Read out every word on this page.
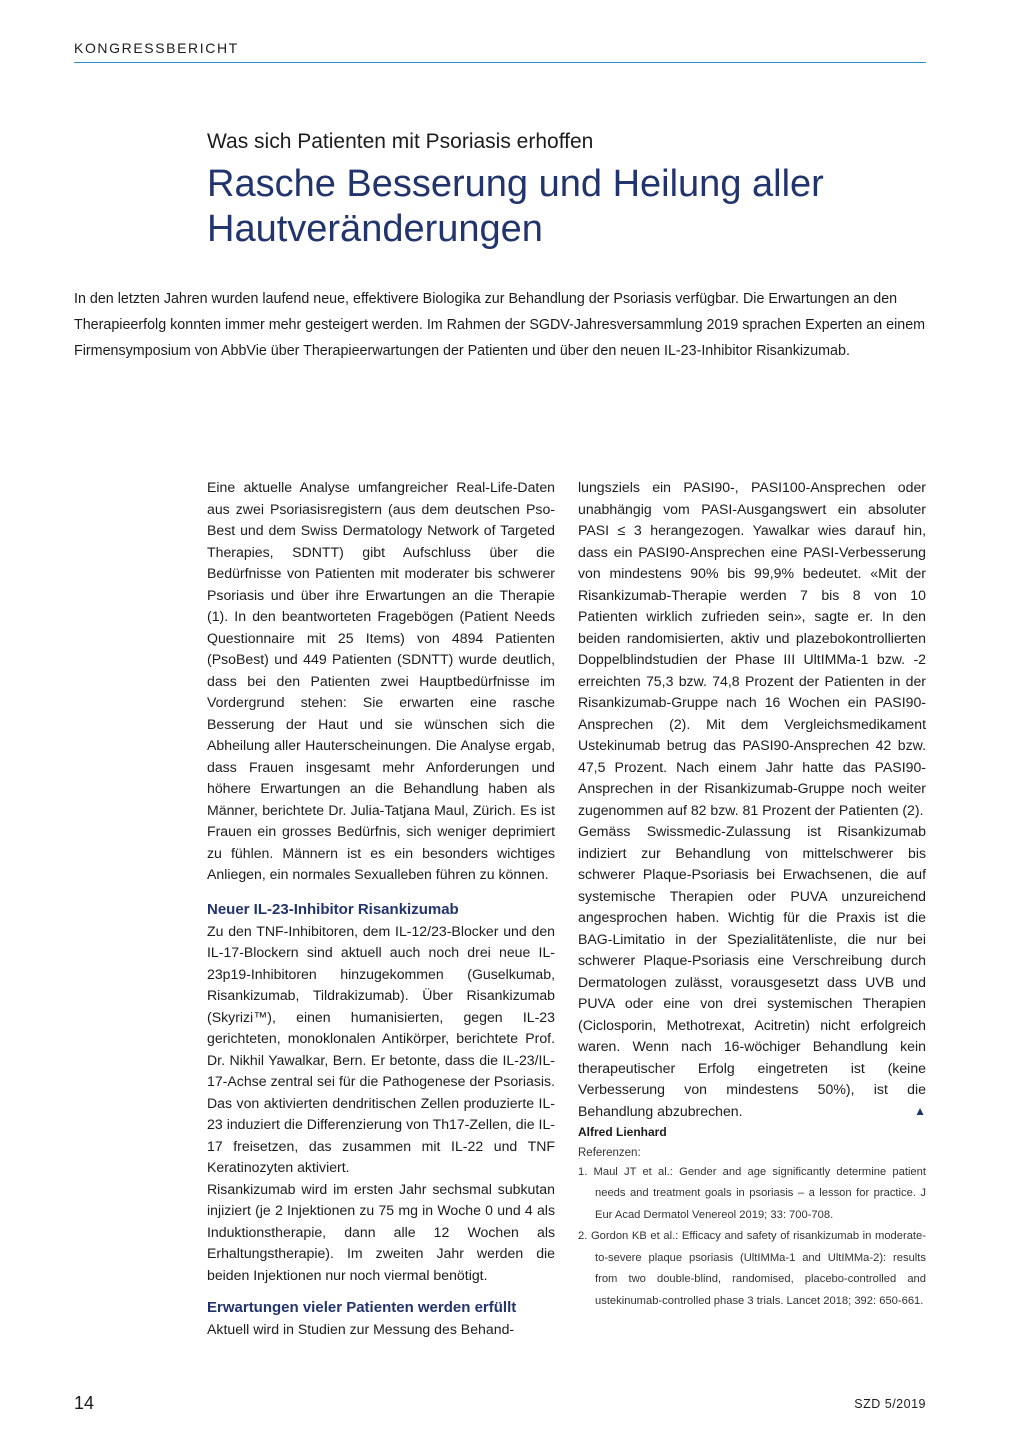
KONGRESSBERICHT
Was sich Patienten mit Psoriasis erhoffen
Rasche Besserung und Heilung aller Hautveränderungen

In den letzten Jahren wurden laufend neue, effektivere Biologika zur Behandlung der Psoriasis verfügbar. Die Erwartungen an den Therapieerfolg konnten immer mehr gesteigert werden. Im Rahmen der SGDV-Jahresversammlung 2019 sprachen Experten an einem Firmensymposium von AbbVie über Therapieerwartungen der Patienten und über den neuen IL-23-Inhibitor Risankizumab.

Eine aktuelle Analyse umfangreicher Real-Life-Daten aus zwei Psoriasisregistern (aus dem deutschen Pso-Best und dem Swiss Dermatology Network of Targeted Therapies, SDNTT) gibt Aufschluss über die Bedürfnisse von Patienten mit moderater bis schwerer Psoriasis und über ihre Erwartungen an die Therapie (1). In den beantworteten Fragebögen (Patient Needs Questionnaire mit 25 Items) von 4894 Patienten (PsoBest) und 449 Patienten (SDNTT) wurde deutlich, dass bei den Patienten zwei Hauptbedürfnisse im Vordergrund stehen: Sie erwarten eine rasche Besserung der Haut und sie wünschen sich die Abheilung aller Hauterscheinungen. Die Analyse ergab, dass Frauen insgesamt mehr Anforderungen und höhere Erwartungen an die Behandlung haben als Männer, berichtete Dr. Julia-Tatjana Maul, Zürich. Es ist Frauen ein grosses Bedürfnis, sich weniger deprimiert zu fühlen. Männern ist es ein besonders wichtiges Anliegen, ein normales Sexualleben führen zu können.

Neuer IL-23-Inhibitor Risankizumab

Zu den TNF-Inhibitoren, dem IL-12/23-Blocker und den IL-17-Blockern sind aktuell auch noch drei neue IL-23p19-Inhibitoren hinzugekommen (Guselkumab, Risankizumab, Tildrakizumab). Über Risankizumab (Skyrizi™), einen humanisierten, gegen IL-23 gerichteten, monoklonalen Antikörper, berichtete Prof. Dr. Nikhil Yawalkar, Bern. Er betonte, dass die IL-23/IL-17-Achse zentral sei für die Pathogenese der Psoriasis. Das von aktivierten dendritischen Zellen produzierte IL-23 induziert die Differenzierung von Th17-Zellen, die IL-17 freisetzen, das zusammen mit IL-22 und TNF Keratinozyten aktiviert.

Risankizumab wird im ersten Jahr sechsmal subkutan injiziert (je 2 Injektionen zu 75 mg in Woche 0 und 4 als Induktionstherapie, dann alle 12 Wochen als Erhaltungstherapie). Im zweiten Jahr werden die beiden Injektionen nur noch viermal benötigt.

Erwartungen vieler Patienten werden erfüllt

Aktuell wird in Studien zur Messung des Behand-

lungsziels ein PASI90-, PASI100-Ansprechen oder unabhängig vom PASI-Ausgangswert ein absoluter PASI ≤ 3 herangezogen. Yawalkar wies darauf hin, dass ein PASI90-Ansprechen eine PASI-Verbesserung von mindestens 90% bis 99,9% bedeutet. «Mit der Risankizumab-Therapie werden 7 bis 8 von 10 Patienten wirklich zufrieden sein», sagte er. In den beiden randomisierten, aktiv und plazebokontrollierten Doppelblindstudien der Phase III UltIMMa-1 bzw. -2 erreichten 75,3 bzw. 74,8 Prozent der Patienten in der Risankizumab-Gruppe nach 16 Wochen ein PASI90-Ansprechen (2). Mit dem Vergleichsmedikament Ustekinumab betrug das PASI90-Ansprechen 42 bzw. 47,5 Prozent. Nach einem Jahr hatte das PASI90-Ansprechen in der Risankizumab-Gruppe noch weiter zugenommen auf 82 bzw. 81 Prozent der Patienten (2).

Gemäss Swissmedic-Zulassung ist Risankizumab indiziert zur Behandlung von mittelschwerer bis schwerer Plaque-Psoriasis bei Erwachsenen, die auf systemische Therapien oder PUVA unzureichend angesprochen haben. Wichtig für die Praxis ist die BAG-Limitatio in der Spezialitätenliste, die nur bei schwerer Plaque-Psoriasis eine Verschreibung durch Dermatologen zulässt, vorausgesetzt dass UVB und PUVA oder eine von drei systemischen Therapien (Ciclosporin, Methotrexat, Acitretin) nicht erfolgreich waren. Wenn nach 16-wöchiger Behandlung kein therapeutischer Erfolg eingetreten ist (keine Verbesserung von mindestens 50%), ist die Behandlung abzubrechen.	▲

Alfred Lienhard

Referenzen:

1. Maul JT et al.: Gender and age significantly determine patient needs and treatment goals in psoriasis – a lesson for practice. J Eur Acad Dermatol Venereol 2019; 33: 700-708.

2. Gordon KB et al.: Efficacy and safety of risankizumab in moderate-to-severe plaque psoriasis (UltIMMa-1 and UltIMMa-2): results from two double-blind, randomised, placebo-controlled and ustekinumab-controlled phase 3 trials. Lancet 2018; 392: 650-661.

14	SZD 5/2019
